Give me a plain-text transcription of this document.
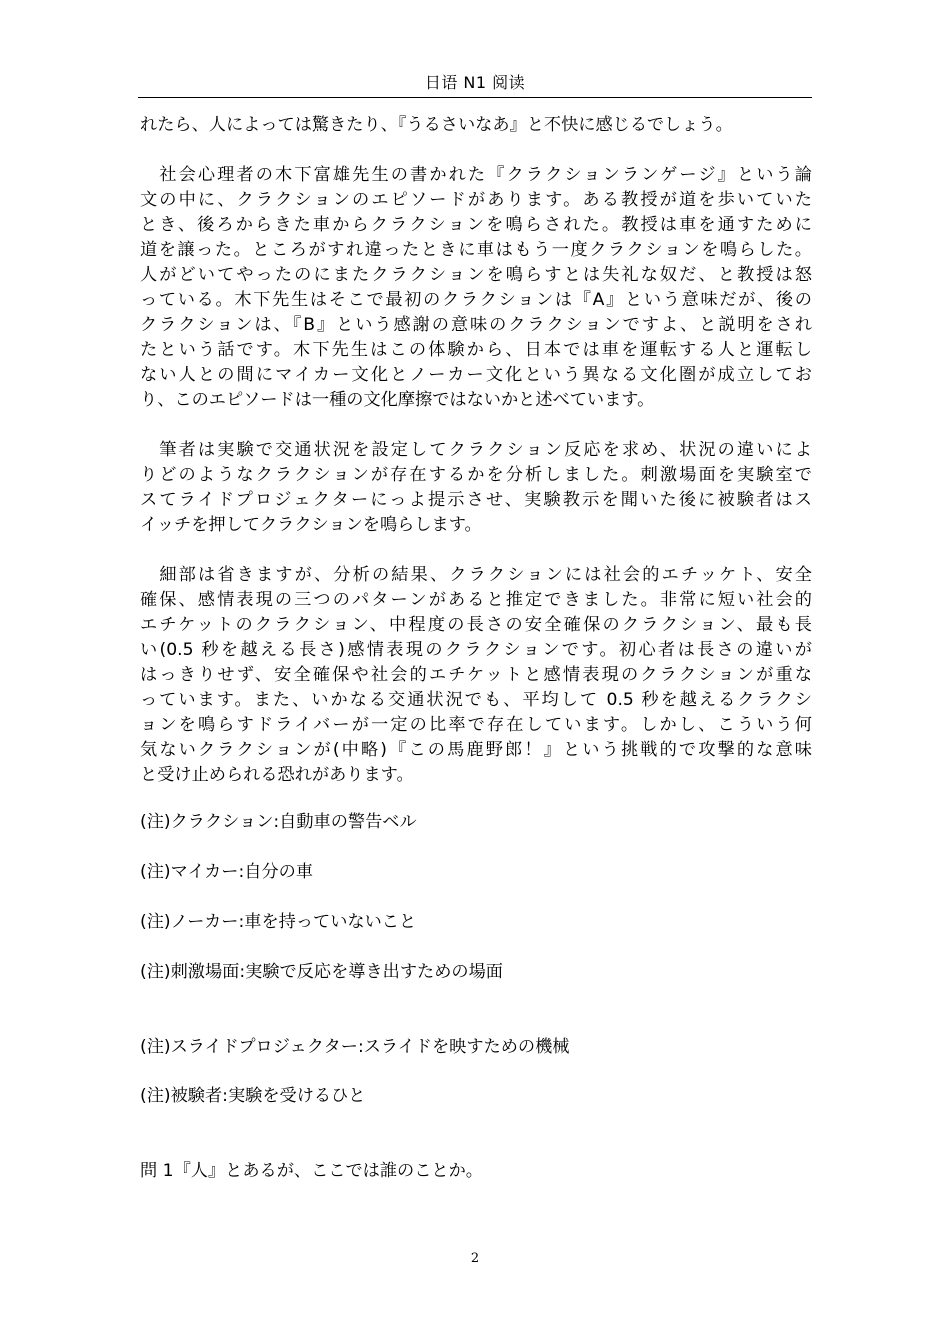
日语 N1 阅读
れたら、人によっては驚きたり、『うるさいなあ』と不快に感じるでしょう。
　社会心理者の木下富雄先生の書かれた『クラクションランゲージ』という論
文の中に、クラクションのエピソードがあります。ある教授が道を歩いていた
とき、後ろからきた車からクラクションを鳴らされた。教授は車を通すために
道を譲った。ところがすれ違ったときに車はもう一度クラクションを鳴らした。
人がどいてやったのにまたクラクションを鳴らすとは失礼な奴だ、と教授は怒
っている。木下先生はそこで最初のクラクションは『A』という意味だが、後の
クラクションは、『B』という感謝の意味のクラクションですよ、と説明をされ
たという話です。木下先生はこの体験から、日本では車を運転する人と運転し
ない人との間にマイカー文化とノーカー文化という異なる文化圏が成立してお
り、このエピソードは一種の文化摩擦ではないかと述べています。
　筆者は実験で交通状況を設定してクラクション反応を求め、状況の違いによ
りどのようなクラクションが存在するかを分析しました。刺激場面を実験室で
スてライドプロジェクターにっよ提示させ、実験教示を聞いた後に被験者はス
イッチを押してクラクションを鳴らします。
　細部は省きますが、分析の結果、クラクションには社会的エチッケト、安全
確保、感情表現の三つのパターンがあると推定できました。非常に短い社会的
エチケットのクラクション、中程度の長さの安全確保のクラクション、最も長
い(0.5 秒を越える長さ)感情表現のクラクションです。初心者は長さの違いが
はっきりせず、安全確保や社会的エチケットと感情表現のクラクションが重な
っています。また、いかなる交通状況でも、平均して 0.5 秒を越えるクラクシ
ョンを鳴らすドライバーが一定の比率で存在しています。しかし、こういう何
気ないクラクションが(中略)『この馬鹿野郎！』という挑戦的で攻撃的な意味
と受け止められる恐れがあります。
(注)クラクション:自動車の警告ベル
(注)マイカー:自分の車
(注)ノーカー:車を持っていないこと
(注)刺激場面:実験で反応を導き出すための場面
(注)スライドプロジェクター:スライドを映すための機械
(注)被験者:実験を受けるひと
問 1『人』とあるが、ここでは誰のことか。
2
